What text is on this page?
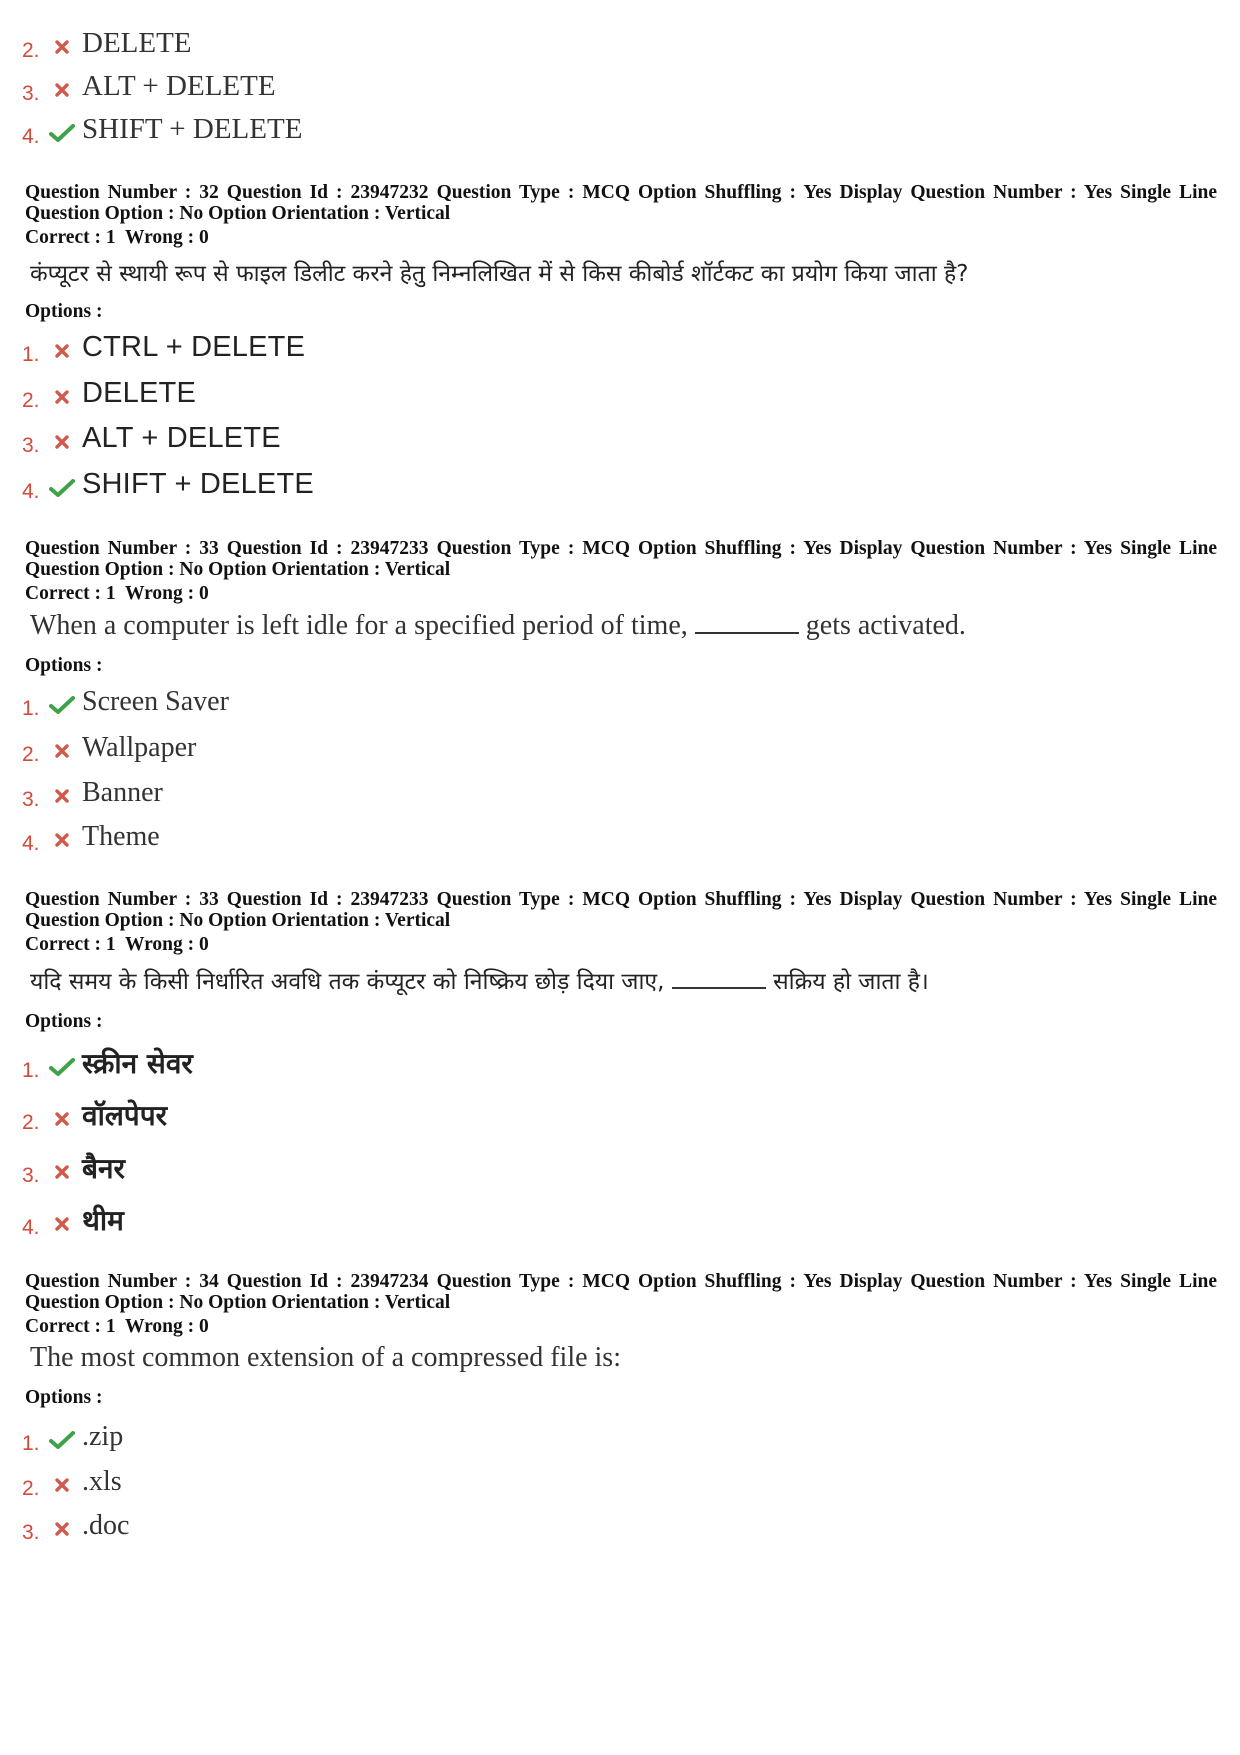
2. DELETE
3. ALT + DELETE
4. SHIFT + DELETE
Question Number : 32 Question Id : 23947232 Question Type : MCQ Option Shuffling : Yes Display Question Number : Yes Single Line Question Option : No Option Orientation : Vertical
Correct : 1  Wrong : 0
कंप्यूटर से स्थायी रूप से फाइल डिलीट करने हेतु निम्नलिखित में से किस कीबोर्ड शॉर्टकट का प्रयोग किया जाता है?
Options :
1. CTRL + DELETE
2. DELETE
3. ALT + DELETE
4. SHIFT + DELETE
Question Number : 33 Question Id : 23947233 Question Type : MCQ Option Shuffling : Yes Display Question Number : Yes Single Line Question Option : No Option Orientation : Vertical
Correct : 1  Wrong : 0
When a computer is left idle for a specified period of time,	gets activated.
Options :
1. Screen Saver
2. Wallpaper
3. Banner
4. Theme
Question Number : 33 Question Id : 23947233 Question Type : MCQ Option Shuffling : Yes Display Question Number : Yes Single Line Question Option : No Option Orientation : Vertical
Correct : 1  Wrong : 0
यदि समय के किसी निर्धारित अवधि तक कंप्यूटर को निष्क्रिय छोड़ दिया जाए,	सक्रिय हो जाता है।
Options :
1. स्क्रीन सेवर
2. वॉलपेपर
3. बैनर
4. थीम
Question Number : 34 Question Id : 23947234 Question Type : MCQ Option Shuffling : Yes Display Question Number : Yes Single Line Question Option : No Option Orientation : Vertical
Correct : 1  Wrong : 0
The most common extension of a compressed file is:
Options :
1. .zip
2. .xls
3. .doc
